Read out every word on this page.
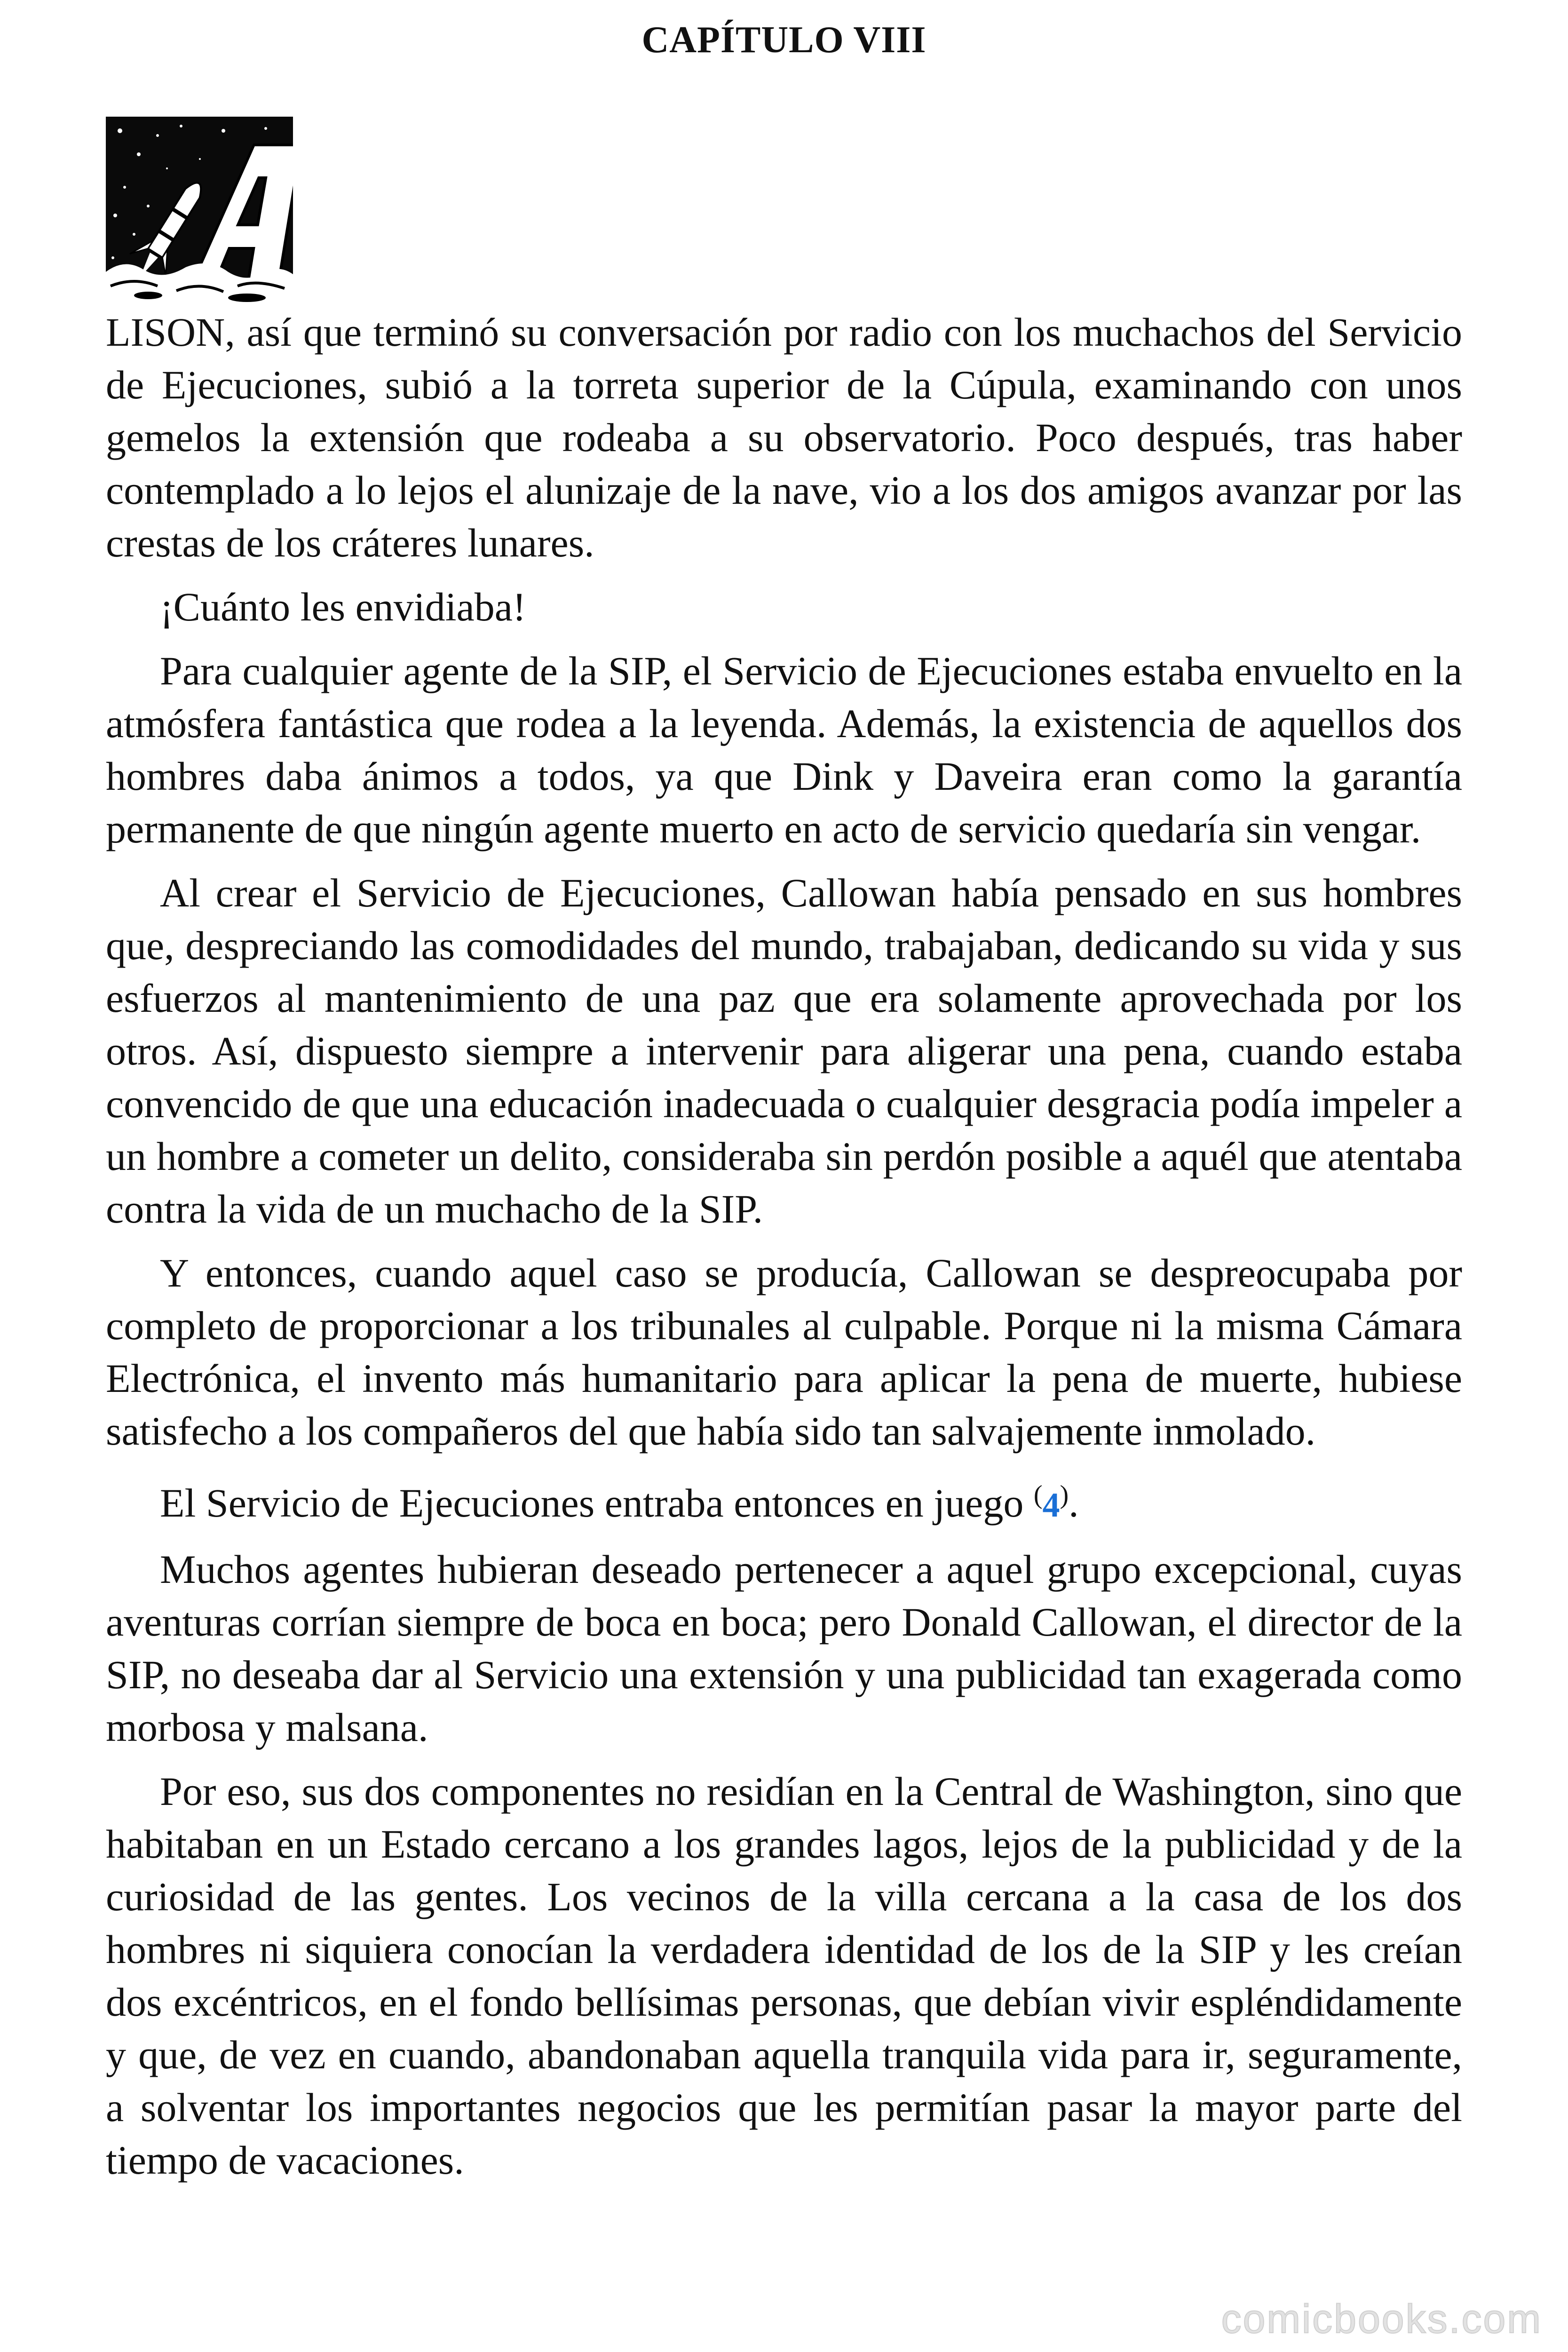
CAPÍTULO VIII

LISON, así que terminó su conversación por radio con los muchachos del Servicio de Ejecuciones, subió a la torreta superior de la Cúpula, examinando con unos gemelos la extensión que rodeaba a su observatorio. Poco después, tras haber contemplado a lo lejos el alunizaje de la nave, vio a los dos amigos avanzar por las crestas de los cráteres lunares.

¡Cuánto les envidiaba!

Para cualquier agente de la SIP, el Servicio de Ejecuciones estaba envuelto en la atmósfera fantástica que rodea a la leyenda. Además, la existencia de aquellos dos hombres daba ánimos a todos, ya que Dink y Daveira eran como la garantía permanente de que ningún agente muerto en acto de servicio quedaría sin vengar.

Al crear el Servicio de Ejecuciones, Callowan había pensado en sus hombres que, despreciando las comodidades del mundo, trabajaban, dedicando su vida y sus esfuerzos al mantenimiento de una paz que era solamente aprovechada por los otros. Así, dispuesto siempre a intervenir para aligerar una pena, cuando estaba convencido de que una educación inadecuada o cualquier desgracia podía impeler a un hombre a cometer un delito, consideraba sin perdón posible a aquél que atentaba contra la vida de un muchacho de la SIP.

Y entonces, cuando aquel caso se producía, Callowan se despreocupaba por completo de proporcionar a los tribunales al culpable. Porque ni la misma Cámara Electrónica, el invento más humanitario para aplicar la pena de muerte, hubiese satisfecho a los compañeros del que había sido tan salvajemente inmolado.

El Servicio de Ejecuciones entraba entonces en juego (4).

Muchos agentes hubieran deseado pertenecer a aquel grupo excepcional, cuyas aventuras corrían siempre de boca en boca; pero Donald Callowan, el director de la SIP, no deseaba dar al Servicio una extensión y una publicidad tan exagerada como morbosa y malsana.

Por eso, sus dos componentes no residían en la Central de Washington, sino que habitaban en un Estado cercano a los grandes lagos, lejos de la publicidad y de la curiosidad de las gentes. Los vecinos de la villa cercana a la casa de los dos hombres ni siquiera conocían la verdadera identidad de los de la SIP y les creían dos excéntricos, en el fondo bellísimas personas, que debían vivir espléndidamente y que, de vez en cuando, abandonaban aquella tranquila vida para ir, seguramente, a solventar los importantes negocios que les permitían pasar la mayor parte del tiempo de vacaciones.

comicbooks.com
